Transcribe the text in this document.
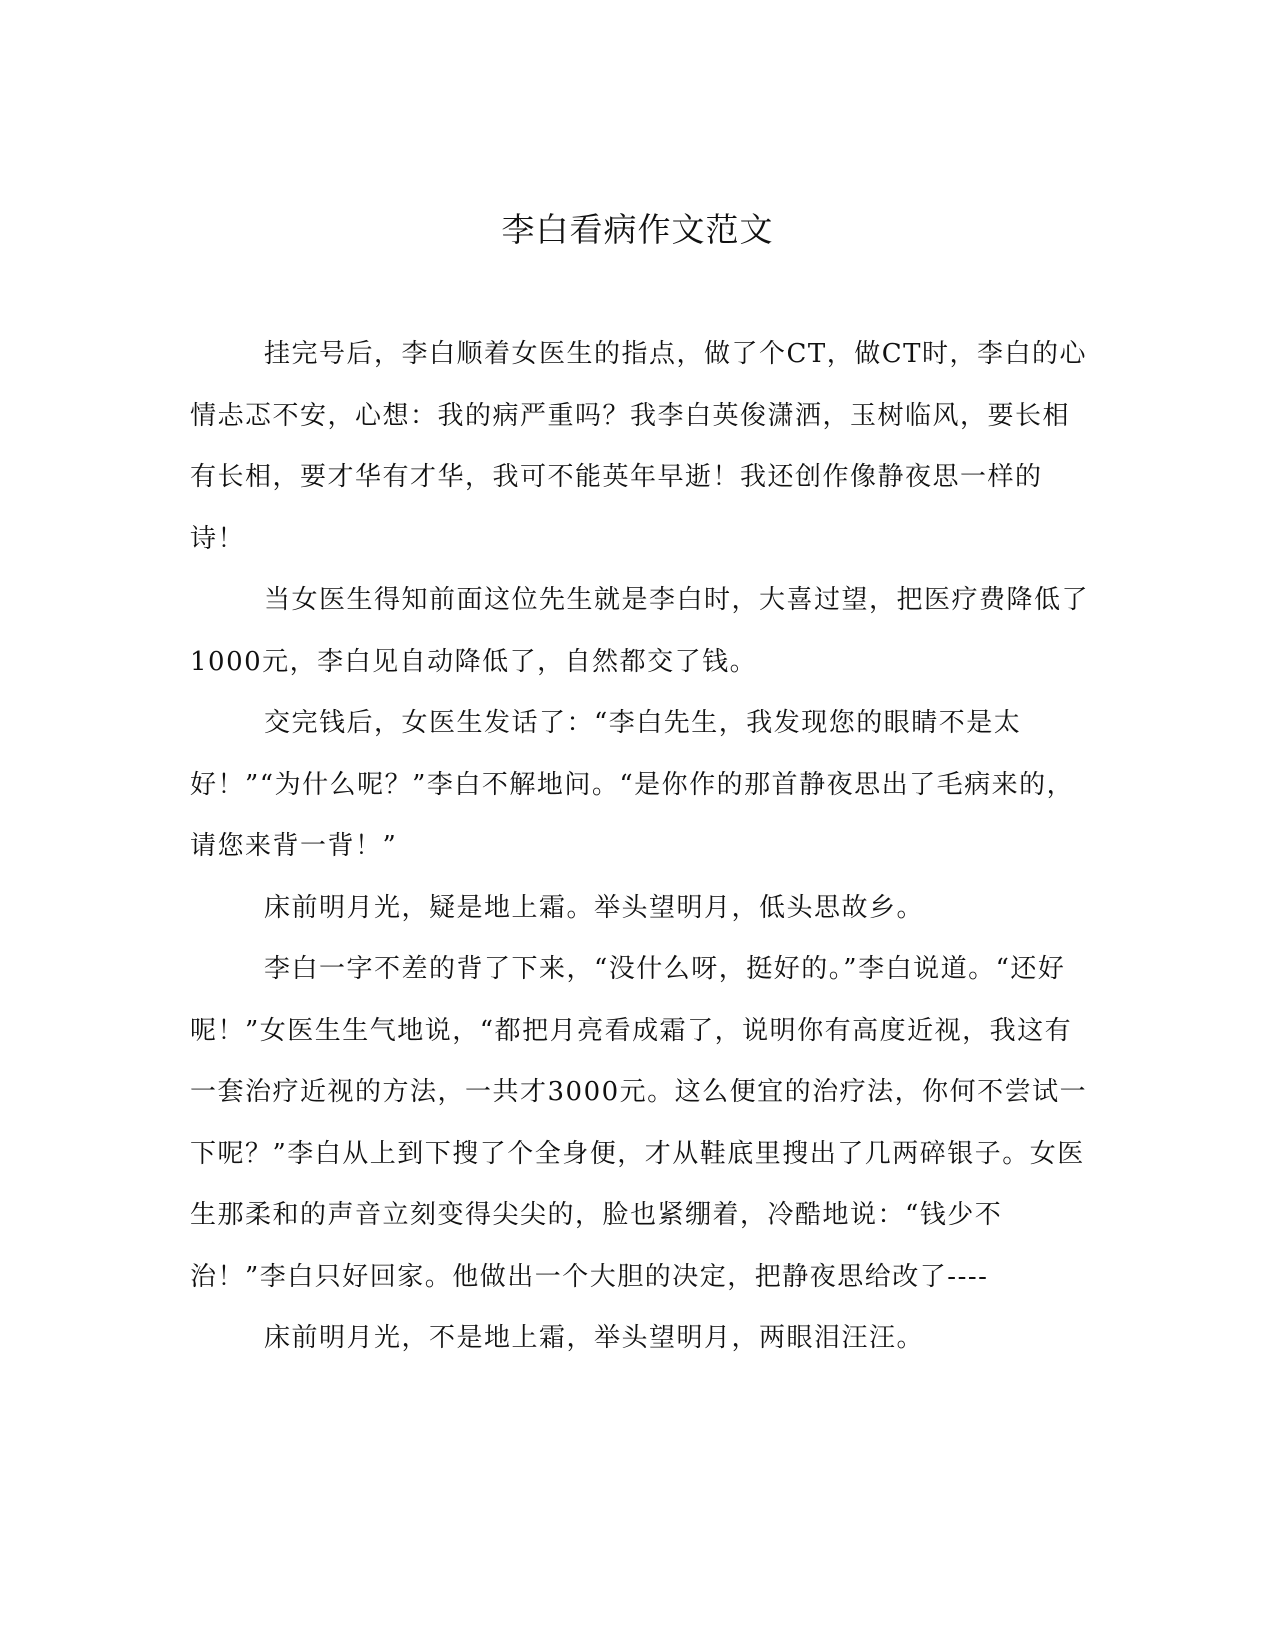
李白看病作文范文

挂完号后，李白顺着女医生的指点，做了个CT，做CT时，李白的心情忐忑不安，心想：我的病严重吗？我李白英俊潇洒，玉树临风，要长相有长相，要才华有才华，我可不能英年早逝！我还创作像静夜思一样的诗！

当女医生得知前面这位先生就是李白时，大喜过望，把医疗费降低了1000元，李白见自动降低了，自然都交了钱。

交完钱后，女医生发话了：“李白先生，我发现您的眼睛不是太好！”“为什么呢？”李白不解地问。“是你作的那首静夜思出了毛病来的，请您来背一背！”

床前明月光，疑是地上霜。举头望明月，低头思故乡。

李白一字不差的背了下来，“没什么呀，挺好的。”李白说道。“还好呢！”女医生生气地说，“都把月亮看成霜了，说明你有高度近视，我这有一套治疗近视的方法，一共才3000元。这么便宜的治疗法，你何不尝试一下呢？”李白从上到下搜了个全身便，才从鞋底里搜出了几两碎银子。女医生那柔和的声音立刻变得尖尖的，脸也紧绷着，冷酷地说：“钱少不治！”李白只好回家。他做出一个大胆的决定，把静夜思给改了----

床前明月光，不是地上霜，举头望明月，两眼泪汪汪。
